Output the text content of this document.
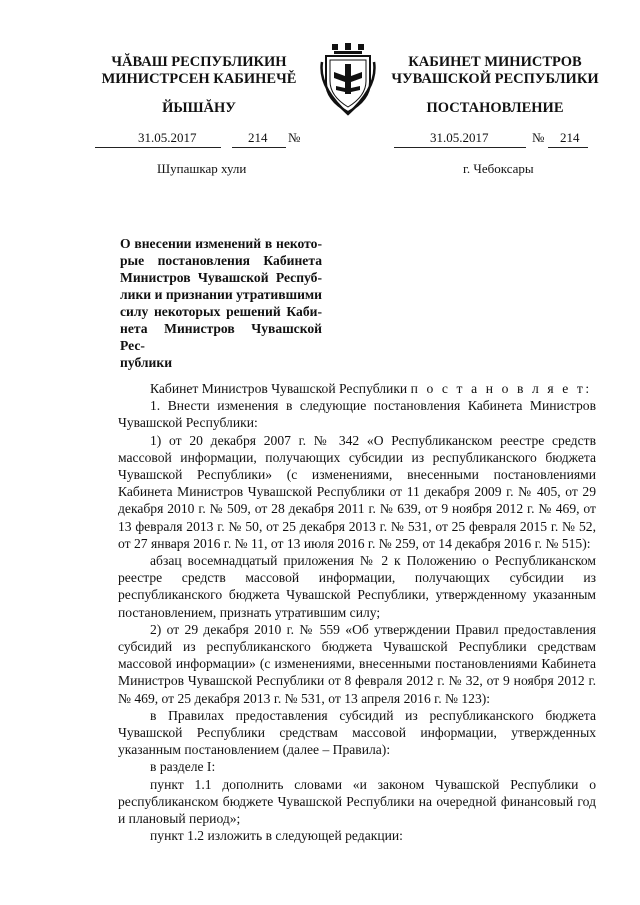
ЧĂВАШ РЕСПУБЛИКИН
МИНИСТРСЕН КАБИНЕЧĚ
ЙЫШĂНУ
31.05.2017	214 №
Шупашкар хули
КАБИНЕТ МИНИСТРОВ
ЧУВАШСКОЙ РЕСПУБЛИКИ
ПОСТАНОВЛЕНИЕ
31.05.2017	№ 214
г. Чебоксары
О внесении изменений в некото-
рые постановления Кабинета
Министров Чувашской Респуб-
лики и признании утратившими
силу некоторых решений Каби-
нета Министров Чувашской Рес-
публики

Кабинет Министров Чувашской Республики п о с т а н о в л я е т:

1. Внести изменения в следующие постановления Кабинета Министров Чувашской Республики:

1) от 20 декабря 2007 г. № 342 «О Республиканском реестре средств массовой информации, получающих субсидии из республиканского бюджета Чувашской Республики» (с изменениями, внесенными постановлениями Кабинета Министров Чувашской Республики от 11 декабря 2009 г. № 405, от 29 декабря 2010 г. № 509, от 28 декабря 2011 г. № 639, от 9 ноября 2012 г. № 469, от 13 февраля 2013 г. № 50, от 25 декабря 2013 г. № 531, от 25 февраля 2015 г. № 52, от 27 января 2016 г. № 11, от 13 июля 2016 г. № 259, от 14 декабря 2016 г. № 515):

абзац восемнадцатый приложения № 2 к Положению о Республиканском реестре средств массовой информации, получающих субсидии из республиканского бюджета Чувашской Республики, утвержденному указанным постановлением, признать утратившим силу;

2) от 29 декабря 2010 г. № 559 «Об утверждении Правил предоставления субсидий из республиканского бюджета Чувашской Республики средствам массовой информации» (с изменениями, внесенными постановлениями Кабинета Министров Чувашской Республики от 8 февраля 2012 г. № 32, от 9 ноября 2012 г. № 469, от 25 декабря 2013 г. № 531, от 13 апреля 2016 г. № 123):

в Правилах предоставления субсидий из республиканского бюджета Чувашской Республики средствам массовой информации, утвержденных указанным постановлением (далее – Правила):

в разделе I:

пункт 1.1 дополнить словами «и законом Чувашской Республики о республиканском бюджете Чувашской Республики на очередной финансовый год и плановый период»;

пункт 1.2 изложить в следующей редакции:
